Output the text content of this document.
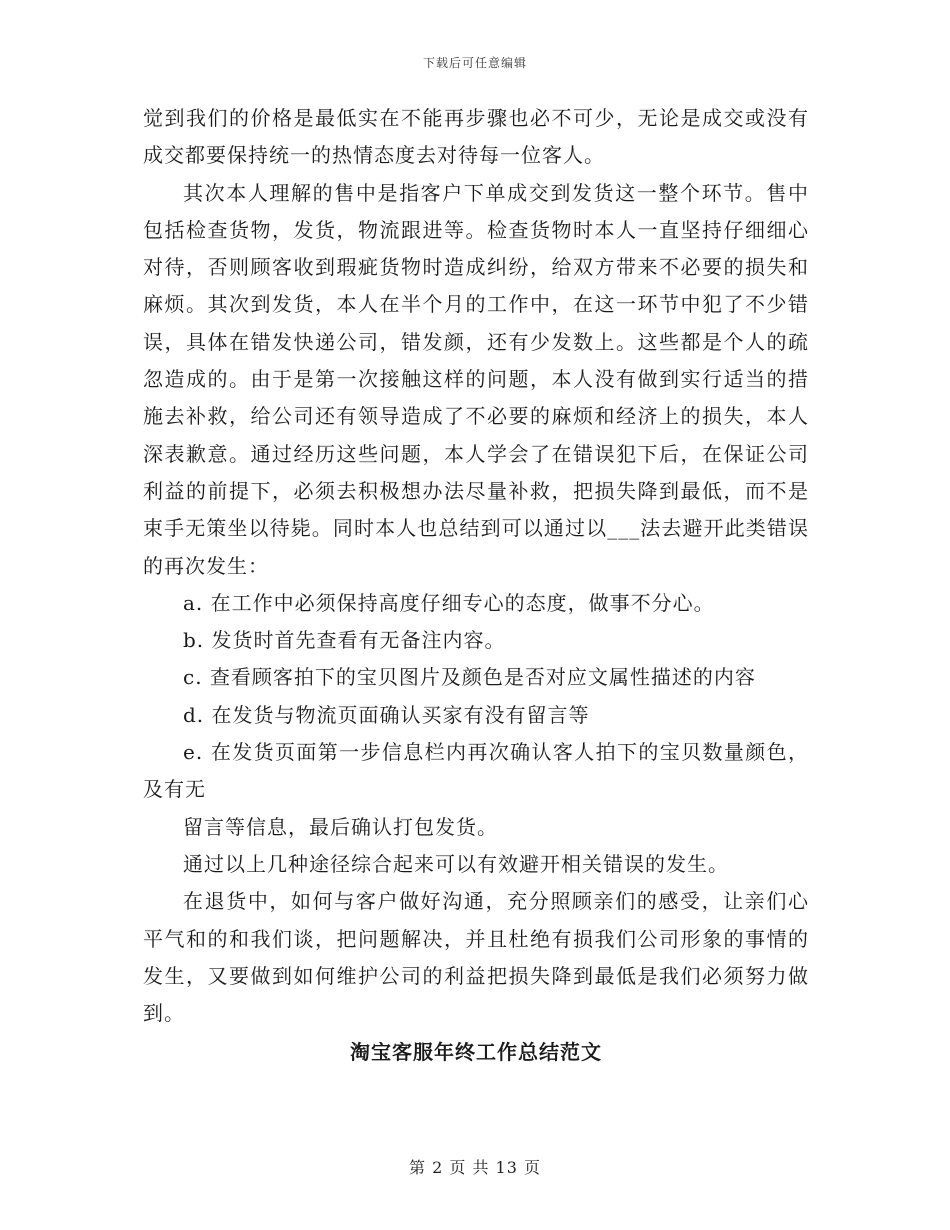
下载后可任意编辑

觉到我们的价格是最低实在不能再步骤也必不可少，无论是成交或没有成交都要保持统一的热情态度去对待每一位客人。

其次本人理解的售中是指客户下单成交到发货这一整个环节。售中包括检查货物，发货，物流跟进等。检查货物时本人一直坚持仔细细心对待，否则顾客收到瑕疵货物时造成纠纷，给双方带来不必要的损失和麻烦。其次到发货，本人在半个月的工作中，在这一环节中犯了不少错误，具体在错发快递公司，错发颜，还有少发数上。这些都是个人的疏忽造成的。由于是第一次接触这样的问题，本人没有做到实行适当的措施去补救，给公司还有领导造成了不必要的麻烦和经济上的损失，本人深表歉意。通过经历这些问题，本人学会了在错误犯下后，在保证公司利益的前提下，必须去积极想办法尽量补救，把损失降到最低，而不是束手无策坐以待毙。同时本人也总结到可以通过以___法去避开此类错误的再次发生：

a. 在工作中必须保持高度仔细专心的态度，做事不分心。

b. 发货时首先查看有无备注内容。

c. 查看顾客拍下的宝贝图片及颜色是否对应文属性描述的内容

d. 在发货与物流页面确认买家有没有留言等

e. 在发货页面第一步信息栏内再次确认客人拍下的宝贝数量颜色，及有无

留言等信息，最后确认打包发货。

通过以上几种途径综合起来可以有效避开相关错误的发生。

在退货中，如何与客户做好沟通，充分照顾亲们的感受，让亲们心平气和的和我们谈，把问题解决，并且杜绝有损我们公司形象的事情的发生，又要做到如何维护公司的利益把损失降到最低是我们必须努力做到。

淘宝客服年终工作总结范文
第 2 页 共 13 页
